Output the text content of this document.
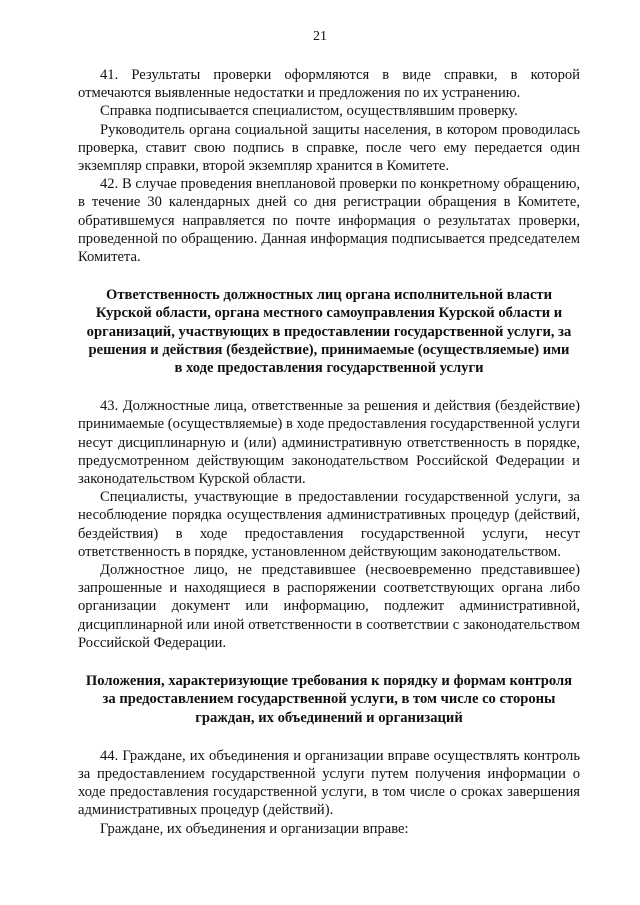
21

41. Результаты проверки оформляются в виде справки, в которой отмечаются выявленные недостатки и предложения по их устранению.

Справка подписывается специалистом, осуществлявшим проверку.

Руководитель органа социальной защиты населения, в котором проводилась проверка, ставит свою подпись в справке, после чего ему передается один экземпляр справки, второй экземпляр хранится в Комитете.

42. В случае проведения внеплановой проверки по конкретному обращению, в течение 30 календарных дней со дня регистрации обращения в Комитете, обратившемуся направляется по почте информация о результатах проверки, проведенной по обращению. Данная информация подписывается председателем Комитета.

Ответственность должностных лиц органа исполнительной власти Курской области, органа местного самоуправления Курской области и организаций, участвующих в предоставлении государственной услуги, за решения и действия (бездействие), принимаемые (осуществляемые) ими в ходе предоставления государственной услуги

43. Должностные лица, ответственные за решения и действия (бездействие) принимаемые (осуществляемые) в ходе предоставления государственной услуги несут дисциплинарную и (или) административную ответственность в порядке, предусмотренном действующим законодательством Российской Федерации и законодательством Курской области.

Специалисты, участвующие в предоставлении государственной услуги, за несоблюдение порядка осуществления административных процедур (действий, бездействия) в ходе предоставления государственной услуги, несут ответственность в порядке, установленном действующим законодательством.

Должностное лицо, не представившее (несвоевременно представившее) запрошенные и находящиеся в распоряжении соответствующих органа либо организации документ или информацию, подлежит административной, дисциплинарной или иной ответственности в соответствии с законодательством Российской Федерации.

Положения, характеризующие требования к порядку и формам контроля за предоставлением государственной услуги, в том числе со стороны граждан, их объединений и организаций

44. Граждане, их объединения и организации вправе осуществлять контроль за предоставлением государственной услуги путем получения информации о ходе предоставления государственной услуги, в том числе о сроках завершения административных процедур (действий).

Граждане, их объединения и организации вправе:
